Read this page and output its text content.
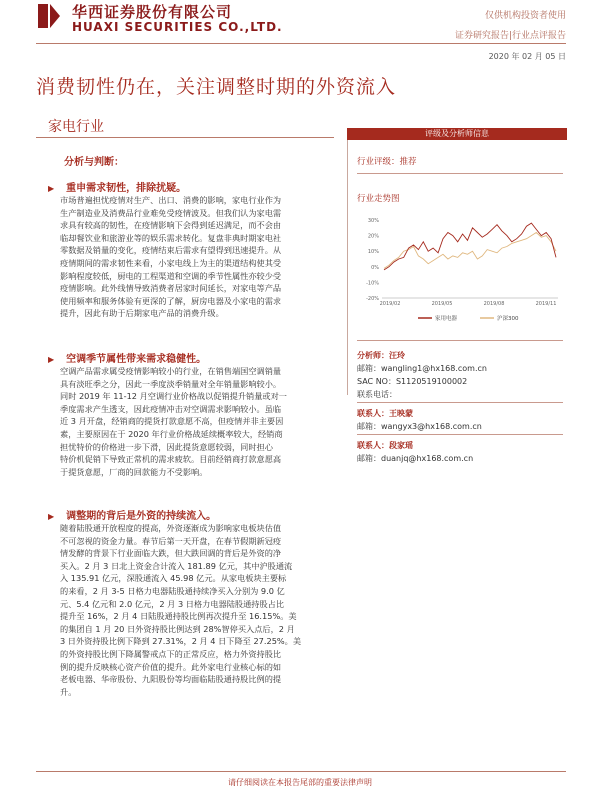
华西证券股份有限公司
HUAXI SECURITIES CO.,LTD.
仅供机构投资者使用
证券研究报告|行业点评报告
2020 年 02 月 05 日
消费韧性仍在，关注调整时期的外资流入
家电行业
分析与判断：
▶ 重申需求韧性，排除扰疑。
市场普遍担忧疫情对生产、出口、消费的影响，家电行业作为
生产制造业及消费品行业难免受疫情波及。但我们认为家电需
求具有较高的韧性，在疫情影响下会得到延迟满足，而不会由
临却餐饮业和旅游业等的娱乐需求转化。复盘非典时期家电社
零数据及销量的变化，疫情结束后需求有望得到迅速提升。从
疫情期间的需求韧性来看，小家电线上为主的渠道结构使其受
影响程度较低，厨电的工程渠道和空调的季节性属性亦较少受
疫情影响。此外线情导致消费者居家时间延长，对家电等产品
使用频率和服务体验有更深的了解，厨房电器及小家电的需求
提升，因此有助于后期家电产品的消费升级。
▶ 空调季节属性带来需求稳健性。
空调产品需求属受疫情影响较小的行业，在销售端国空调销量
具有淡旺季之分，因此一季度淡季销量对全年销量影响较小。
同时 2019 年 11-12 月空调行业价格战以促销提升销量或对一
季度需求产生透支，因此疫情冲击对空调需求影响较小。虽临
近 3 月开盘，经销商的提货打款意愿不高，但疫情并非主要因
素，主要原因在于 2020 年行业价格战延续概率较大，经销商
担忧特价的价格进一步下滑，因此提货意愿较弱，同时担心
特价机促销下导致正常机的需求疲软。目前经销商打款意愿高
于提货意愿，厂商的回款能力不受影响。
▶ 调整期的背后是外资的持续流入。
随着陆股通开放程度的提高，外资逐渐成为影响家电板块估值
不可忽视的资金力量。春节后第一天开盘，在春节假期新冠疫
情发酵的背景下行业面临大跌，但大跌回调的背后是外资的净
买入。2 月 3 日北上资金合计流入 181.89 亿元，其中沪股通流
入 135.91 亿元，深股通流入 45.98 亿元。从家电板块主要标
的来看，2 月 3-5 日格力电器陆股通持续净买入分别为 9.0 亿
元、5.4 亿元和 2.0 亿元，2 月 3 日格力电器陆股通持股占比
提升至 16%，2 月 4 日陆股通持股比例再次提升至 16.15%。美
的集团自 1 月 20 日外资持股比例达到 28%智停买入点后，2 月
3 日外资持股比例下降到 27.31%，2 月 4 日下降至 27.25%。美
的外资持股比例下降属警戒点下的正常反应，格力外资持股比
例的提升反映核心资产价值的提升。此外家电行业核心标的如
老板电器、华帝股份、九阳股份等均面临陆股通持股比例的提
升。
评级及分析师信息
行业评级：推荐
行业走势图
-20%
-10%
0%
10%
20%
30%
2019/02	2019/05	2019/08	2019/11
家用电器	沪深300
分析师：汪玲
邮箱：wangling1@hx168.com.cn
SAC NO：S1120519100002
联系电话：
联系人：王映蒙
邮箱：wangyx3@hx168.com.cn
联系人：段家瑶
邮箱：duanjq@hx168.com.cn
请仔细阅读在本报告尾部的重要法律声明
